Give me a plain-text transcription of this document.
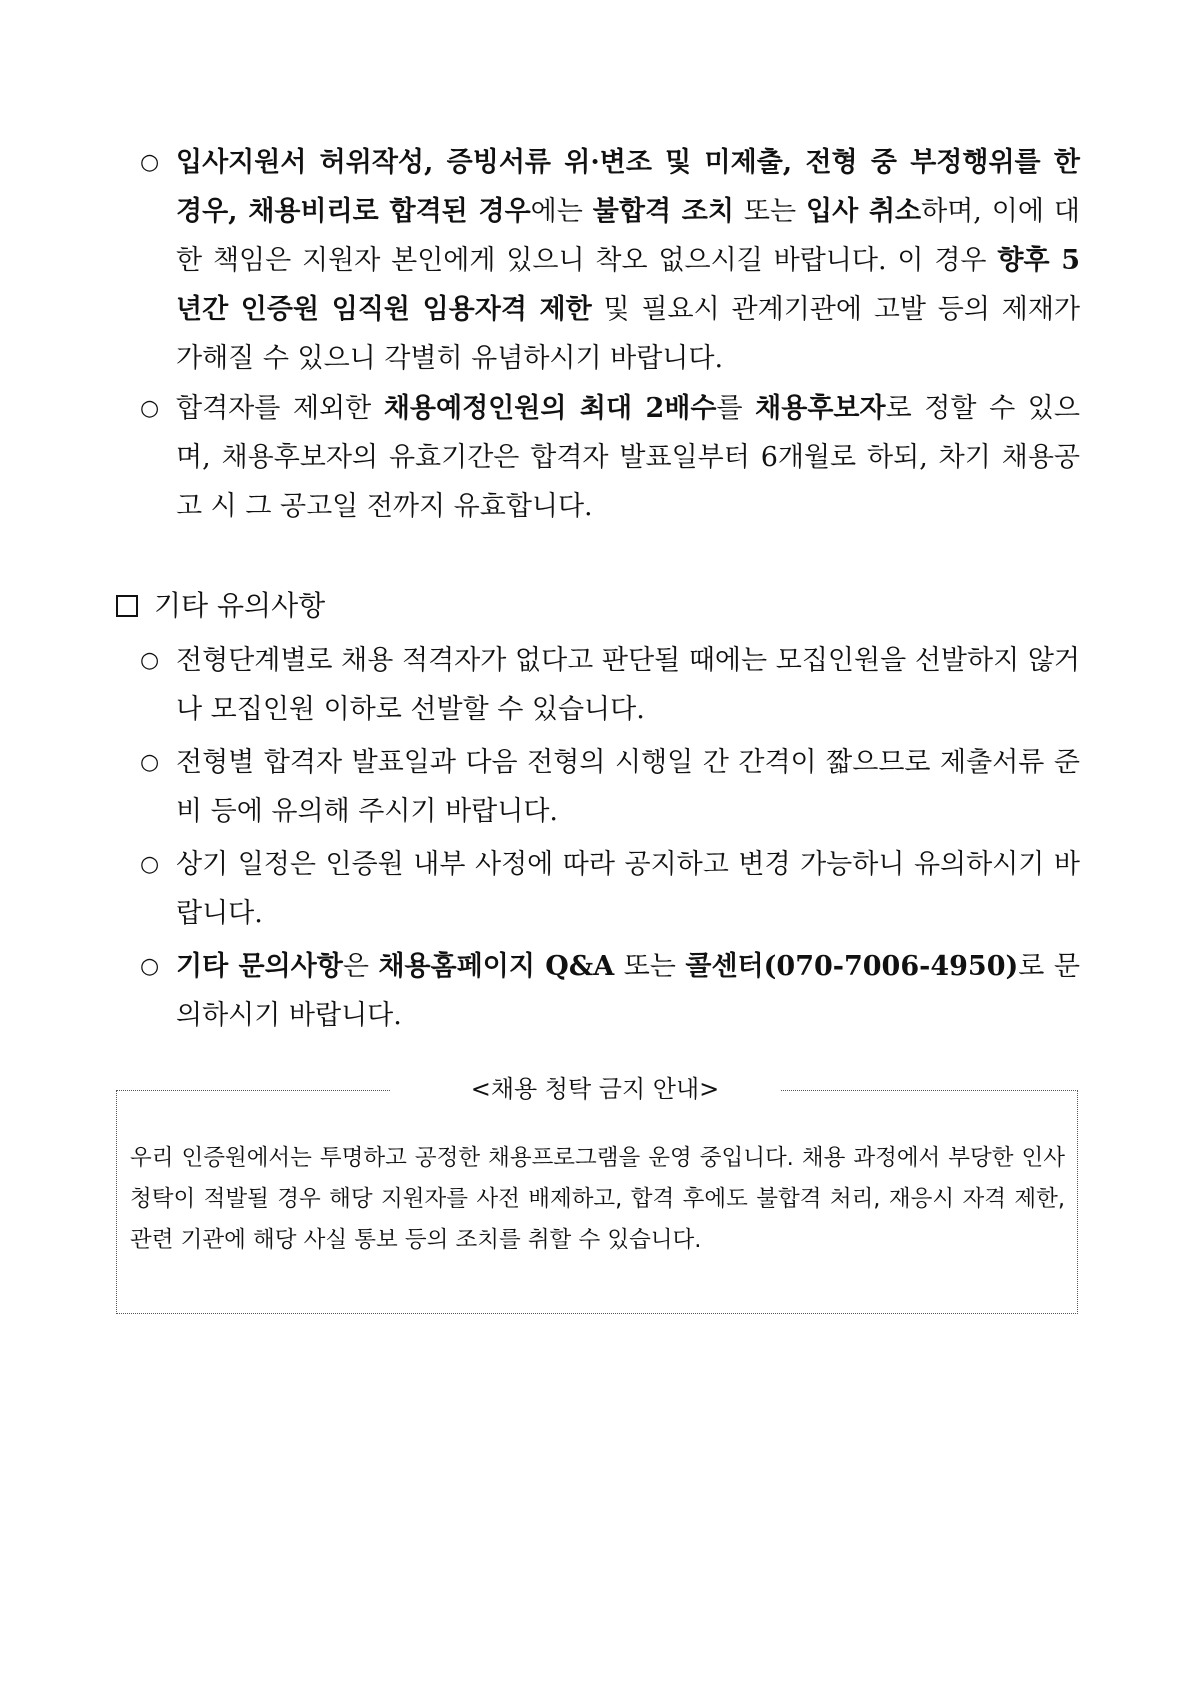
○ 입사지원서 허위작성, 증빙서류 위·변조 및 미제출, 전형 중 부정행위를 한 경우, 채용비리로 합격된 경우에는 불합격 조치 또는 입사 취소하며, 이에 대한 책임은 지원자 본인에게 있으니 착오 없으시길 바랍니다. 이 경우 향후 5년간 인증원 임직원 임용자격 제한 및 필요시 관계기관에 고발 등의 제재가 가해질 수 있으니 각별히 유념하시기 바랍니다.
○ 합격자를 제외한 채용예정인원의 최대 2배수를 채용후보자로 정할 수 있으며, 채용후보자의 유효기간은 합격자 발표일부터 6개월로 하되, 차기 채용공고 시 그 공고일 전까지 유효합니다.
기타 유의사항
○ 전형단계별로 채용 적격자가 없다고 판단될 때에는 모집인원을 선발하지 않거나 모집인원 이하로 선발할 수 있습니다.
○ 전형별 합격자 발표일과 다음 전형의 시행일 간 간격이 짧으므로 제출서류 준비 등에 유의해 주시기 바랍니다.
○ 상기 일정은 인증원 내부 사정에 따라 공지하고 변경 가능하니 유의하시기 바랍니다.
○ 기타 문의사항은 채용홈페이지 Q&A 또는 콜센터(070-7006-4950)로 문의하시기 바랍니다.
<채용 청탁 금지 안내>
우리 인증원에서는 투명하고 공정한 채용프로그램을 운영 중입니다. 채용 과정에서 부당한 인사청탁이 적발될 경우 해당 지원자를 사전 배제하고, 합격 후에도 불합격 처리, 재응시 자격 제한, 관련 기관에 해당 사실 통보 등의 조치를 취할 수 있습니다.
